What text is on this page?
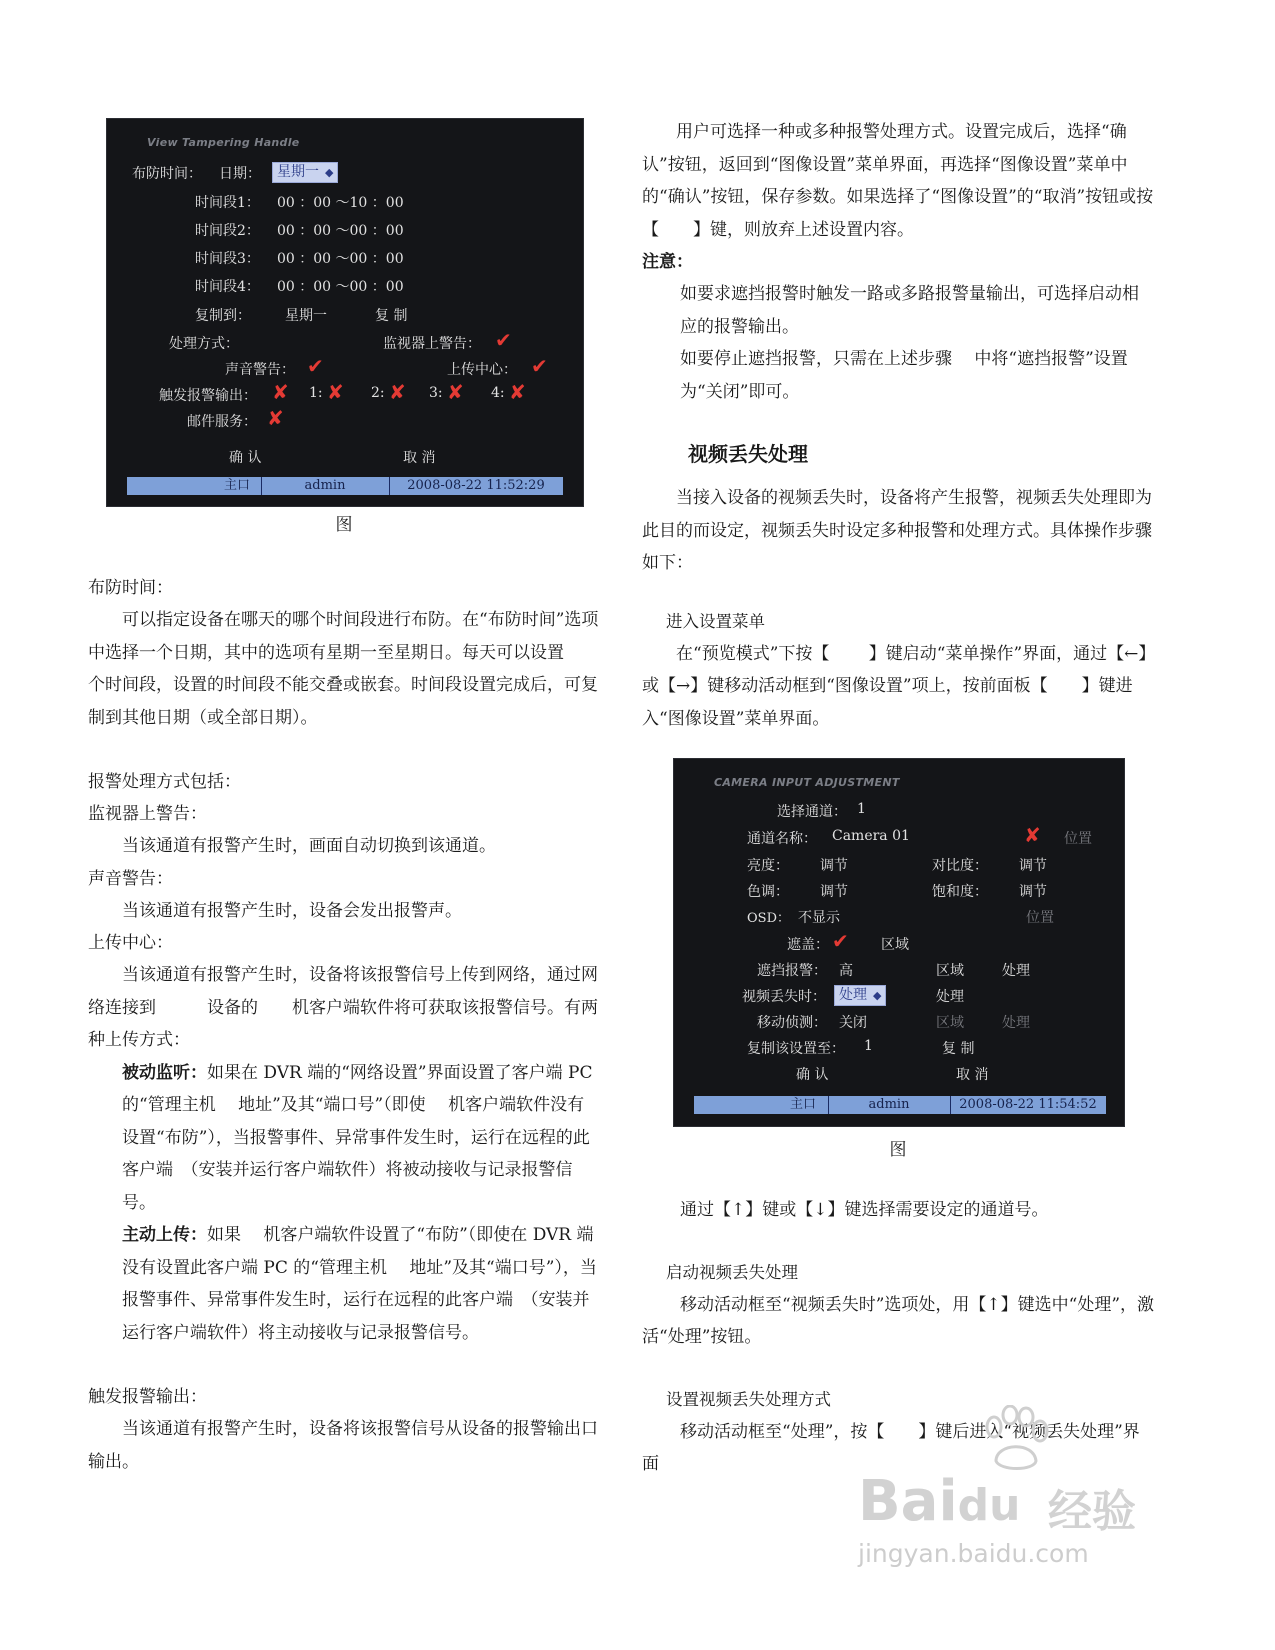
View Tampering Handle
布防时间： 日期：	星期一 ◆
时间段1： 00 ：00 ～10 ：00
时间段2： 00 ：00 ～00 ：00
时间段3： 00 ：00 ～00 ：00
时间段4： 00 ：00 ～00 ：00
复制到： 星期一	复 制
处理方式：	监视器上警告： ✔
声音警告： ✔	上传中心： ✔
触发报警输出： ✘ 1: ✘ 2: ✘ 3: ✘ 4: ✘
邮件服务： ✘
确 认	取 消
主口	admin	2008-08-22 11:52:29
图

布防时间：

可以指定设备在哪天的哪个时间段进行布防。在“布防时间”选项中选择一个日期，其中的选项有星期一至星期日。每天可以设置　 个时间段，设置的时间段不能交叠或嵌套。时间段设置完成后，可复制到其他日期（或全部日期）。

报警处理方式包括：

监视器上警告：

当该通道有报警产生时，画面自动切换到该通道。

声音警告：

当该通道有报警产生时，设备会发出报警声。

上传中心：

当该通道有报警产生时，设备将该报警信号上传到网络，通过网络连接到　　　设备的　　机客户端软件将可获取该报警信号。有两种上传方式：

被动监听：如果在 DVR 端的“网络设置”界面设置了客户端 PC 的“管理主机　 地址”及其“端口号”（即使　 机客户端软件没有设置“布防”），当报警事件、异常事件发生时，运行在远程的此客户端　（安装并运行客户端软件）将被动接收与记录报警信号。

主动上传：如果　 机客户端软件设置了“布防”（即使在 DVR 端没有设置此客户端 PC 的“管理主机　 地址”及其“端口号”），当报警事件、异常事件发生时，运行在远程的此客户端　（安装并运行客户端软件）将主动接收与记录报警信号。

触发报警输出：

当该通道有报警产生时，设备将该报警信号从设备的报警输出口输出。

用户可选择一种或多种报警处理方式。设置完成后，选择“确认”按钮，返回到“图像设置”菜单界面，再选择“图像设置”菜单中的“确认”按钮，保存参数。如果选择了“图像设置”的“取消”按钮或按【　　】键，则放弃上述设置内容。

注意：

如要求遮挡报警时触发一路或多路报警量输出，可选择启动相应的报警输出。

如要停止遮挡报警，只需在上述步骤　 中将“遮挡报警”设置为“关闭”即可。

视频丢失处理

当接入设备的视频丢失时，设备将产生报警，视频丢失处理即为此目的而设定，视频丢失时设定多种报警和处理方式。具体操作步骤如下：

进入设置菜单

在“预览模式”下按【　　 】键启动“菜单操作”界面，通过【←】或【→】键移动活动框到“图像设置”项上，按前面板【　　】键进入“图像设置”菜单界面。

CAMERA INPUT ADJUSTMENT
选择通道： 1
通道名称： Camera 01	✘ 位置
亮度： 调节	对比度： 调节
色调： 调节	饱和度： 调节
OSD： 不显示	位置
遮盖： ✔ 区域
遮挡报警： 高	区域	处理
视频丢失时： 处理 ◆	处理
移动侦测： 关闭	区域	处理
复制该设置至： 1	复 制
确 认	取 消
主口	admin	2008-08-22 11:54:52
图

通过【↑】键或【↓】键选择需要设定的通道号。

启动视频丢失处理

移动活动框至“视频丢失时”选项处，用【↑】键选中“处理”，激活“处理”按钮。

设置视频丢失处理方式

移动活动框至“处理”，按【　　】键后进入“视频丢失处理”界面

Baidu 经验
jingyan.baidu.com
